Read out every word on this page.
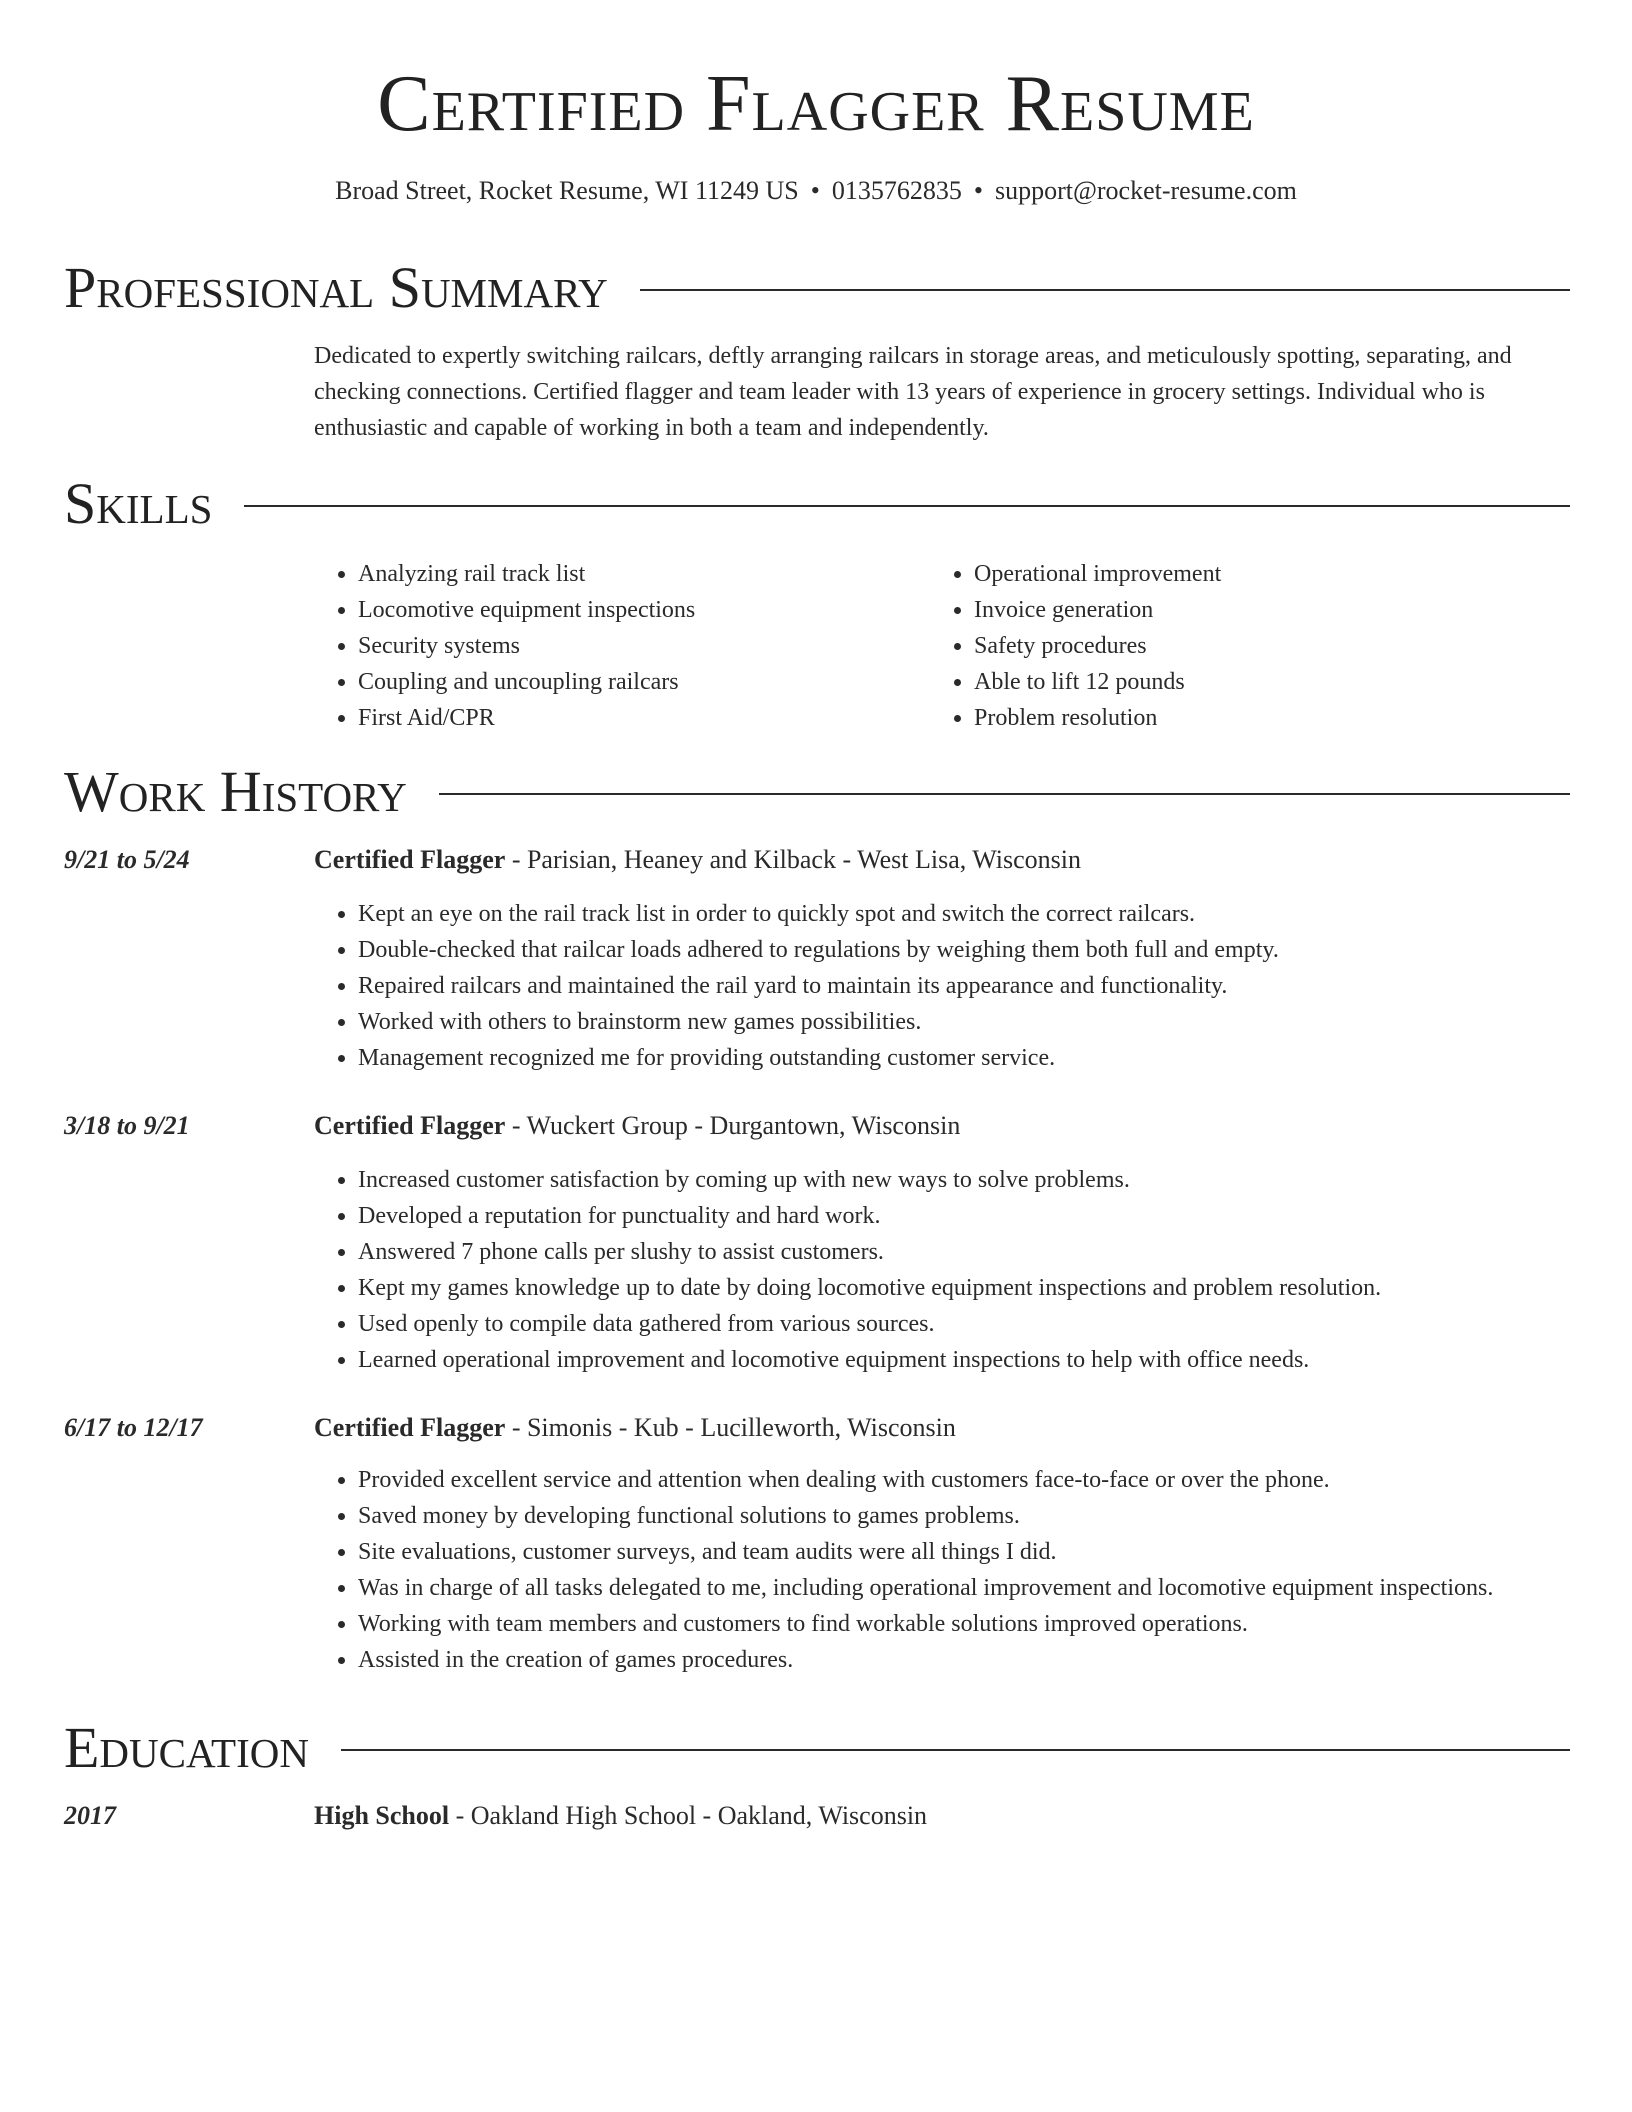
Certified Flagger Resume
Broad Street, Rocket Resume, WI 11249 US • 0135762835 • support@rocket-resume.com
Professional Summary

Dedicated to expertly switching railcars, deftly arranging railcars in storage areas, and meticulously spotting, separating, and checking connections. Certified flagger and team leader with 13 years of experience in grocery settings. Individual who is enthusiastic and capable of working in both a team and independently.

Skills
• Analyzing rail track list
• Locomotive equipment inspections
• Security systems
• Coupling and uncoupling railcars
• First Aid/CPR
• Operational improvement
• Invoice generation
• Safety procedures
• Able to lift 12 pounds
• Problem resolution
Work History
9/21 to 5/24	Certified Flagger - Parisian, Heaney and Kilback - West Lisa, Wisconsin
• Kept an eye on the rail track list in order to quickly spot and switch the correct railcars.
• Double-checked that railcar loads adhered to regulations by weighing them both full and empty.
• Repaired railcars and maintained the rail yard to maintain its appearance and functionality.
• Worked with others to brainstorm new games possibilities.
• Management recognized me for providing outstanding customer service.
3/18 to 9/21	Certified Flagger - Wuckert Group - Durgantown, Wisconsin
• Increased customer satisfaction by coming up with new ways to solve problems.
• Developed a reputation for punctuality and hard work.
• Answered 7 phone calls per slushy to assist customers.
• Kept my games knowledge up to date by doing locomotive equipment inspections and problem resolution.
• Used openly to compile data gathered from various sources.
• Learned operational improvement and locomotive equipment inspections to help with office needs.
6/17 to 12/17	Certified Flagger - Simonis - Kub - Lucilleworth, Wisconsin
• Provided excellent service and attention when dealing with customers face-to-face or over the phone.
• Saved money by developing functional solutions to games problems.
• Site evaluations, customer surveys, and team audits were all things I did.
• Was in charge of all tasks delegated to me, including operational improvement and locomotive equipment inspections.
• Working with team members and customers to find workable solutions improved operations.
• Assisted in the creation of games procedures.
Education
2017	High School - Oakland High School - Oakland, Wisconsin
